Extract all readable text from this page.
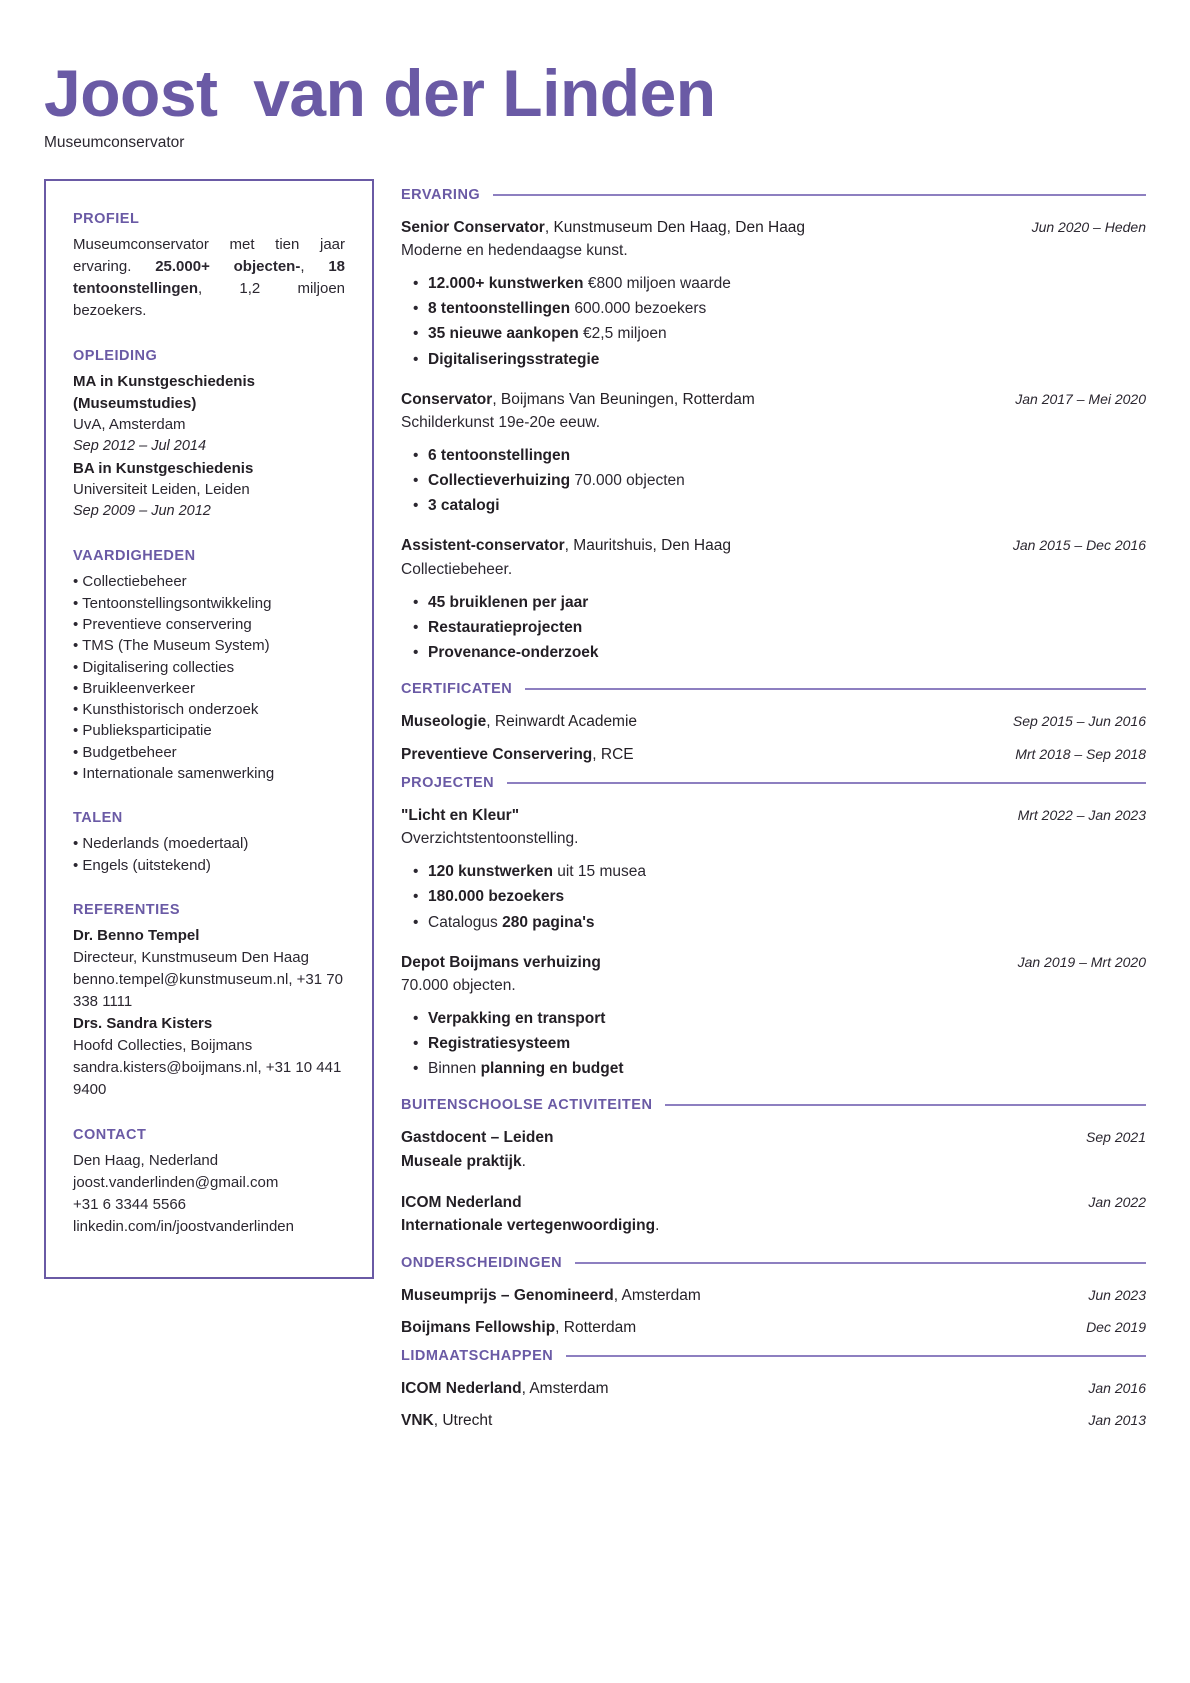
Joost  van der Linden
Museumconservator
PROFIEL
Museumconservator met tien jaar ervaring. 25.000+ objecten-, 18 tentoonstellingen, 1,2 miljoen bezoekers.
OPLEIDING
MA in Kunstgeschiedenis (Museumstudies)
UvA, Amsterdam
Sep 2012 – Jul 2014
BA in Kunstgeschiedenis
Universiteit Leiden, Leiden
Sep 2009 – Jun 2012
VAARDIGHEDEN
• Collectiebeheer
• Tentoonstellingsontwikkeling
• Preventieve conservering
• TMS (The Museum System)
• Digitalisering collecties
• Bruikleenverkeer
• Kunsthistorisch onderzoek
• Publieksparticipatie
• Budgetbeheer
• Internationale samenwerking
TALEN
• Nederlands (moedertaal)
• Engels (uitstekend)
REFERENTIES
Dr. Benno Tempel
Directeur, Kunstmuseum Den Haag
benno.tempel@kunstmuseum.nl, +31 70 338 1111
Drs. Sandra Kisters
Hoofd Collecties, Boijmans
sandra.kisters@boijmans.nl, +31 10 441 9400
CONTACT
Den Haag, Nederland
joost.vanderlinden@gmail.com
+31 6 3344 5566
linkedin.com/in/joostvanderlinden
ERVARING
Senior Conservator, Kunstmuseum Den Haag, Den Haag	Jun 2020 – Heden
Moderne en hedendaagse kunst.
• 12.000+ kunstwerken €800 miljoen waarde
• 8 tentoonstellingen 600.000 bezoekers
• 35 nieuwe aankopen €2,5 miljoen
• Digitaliseringsstrategie
Conservator, Boijmans Van Beuningen, Rotterdam	Jan 2017 – Mei 2020
Schilderkunst 19e-20e eeuw.
• 6 tentoonstellingen
• Collectieverhuizing 70.000 objecten
• 3 catalogi
Assistent-conservator, Mauritshuis, Den Haag	Jan 2015 – Dec 2016
Collectiebeheer.
• 45 bruiklenen per jaar
• Restauratieprojecten
• Provenance-onderzoek
CERTIFICATEN
Museologie, Reinwardt Academie	Sep 2015 – Jun 2016
Preventieve Conservering, RCE	Mrt 2018 – Sep 2018
PROJECTEN
"Licht en Kleur"	Mrt 2022 – Jan 2023
Overzichtstentoonstelling.
• 120 kunstwerken uit 15 musea
• 180.000 bezoekers
• Catalogus 280 pagina's
Depot Boijmans verhuizing	Jan 2019 – Mrt 2020
70.000 objecten.
• Verpakking en transport
• Registratiesysteem
• Binnen planning en budget
BUITENSCHOOLSE ACTIVITEITEN
Gastdocent – Leiden	Sep 2021
Museale praktijk.
ICOM Nederland	Jan 2022
Internationale vertegenwoordiging.
ONDERSCHEIDINGEN
Museumprijs – Genomineerd, Amsterdam	Jun 2023
Boijmans Fellowship, Rotterdam	Dec 2019
LIDMAATSCHAPPEN
ICOM Nederland, Amsterdam	Jan 2016
VNK, Utrecht	Jan 2013
